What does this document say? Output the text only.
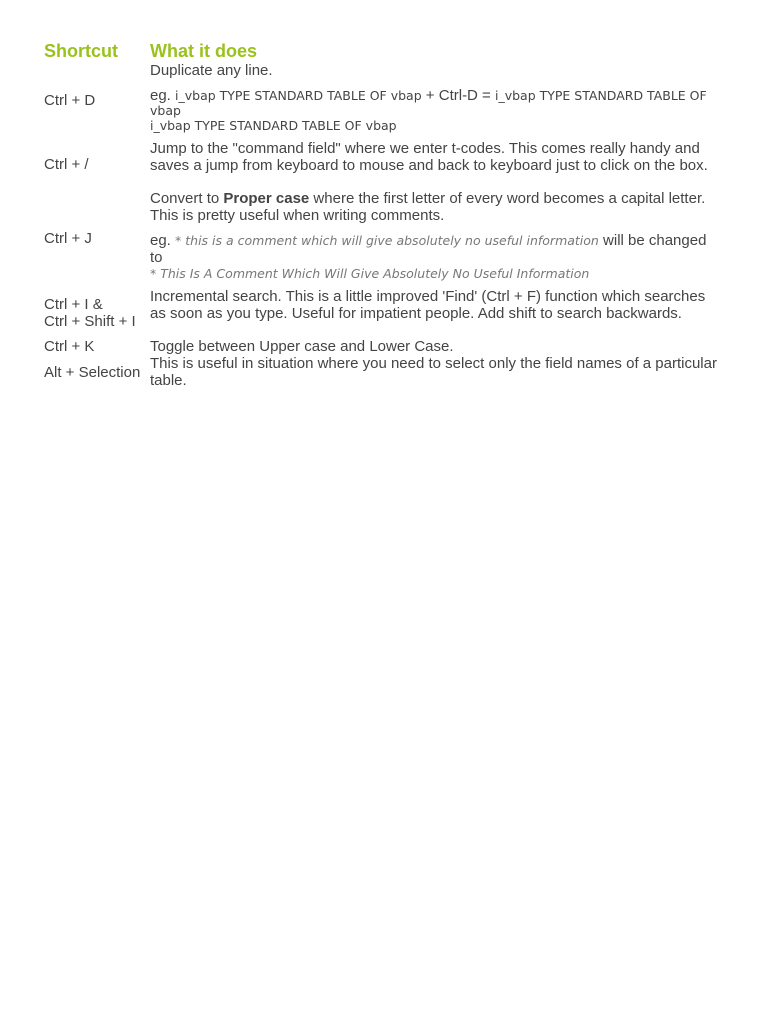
Shortcut What it does
Ctrl + D
Duplicate any line.
eg. i_vbap TYPE STANDARD TABLE OF vbap + Ctrl-D = i_vbap TYPE STANDARD TABLE OF vbap
i_vbap TYPE STANDARD TABLE OF vbap
Ctrl + /
Jump to the "command field" where we enter t-codes. This comes really handy and saves a jump from keyboard to mouse and back to keyboard just to click on the box.
Ctrl + J
Convert to Proper case where the first letter of every word becomes a capital letter. This is pretty useful when writing comments.
eg. * this is a comment which will give absolutely no useful information will be changed to
* This Is A Comment Which Will Give Absolutely No Useful Information
Ctrl + I &
Ctrl + Shift + I
Incremental search. This is a little improved 'Find' (Ctrl + F) function which searches as soon as you type. Useful for impatient people. Add shift to search backwards.
Ctrl + K	Toggle between Upper case and Lower Case.
Alt + Selection
This is useful in situation where you need to select only the field names of a particular table.
